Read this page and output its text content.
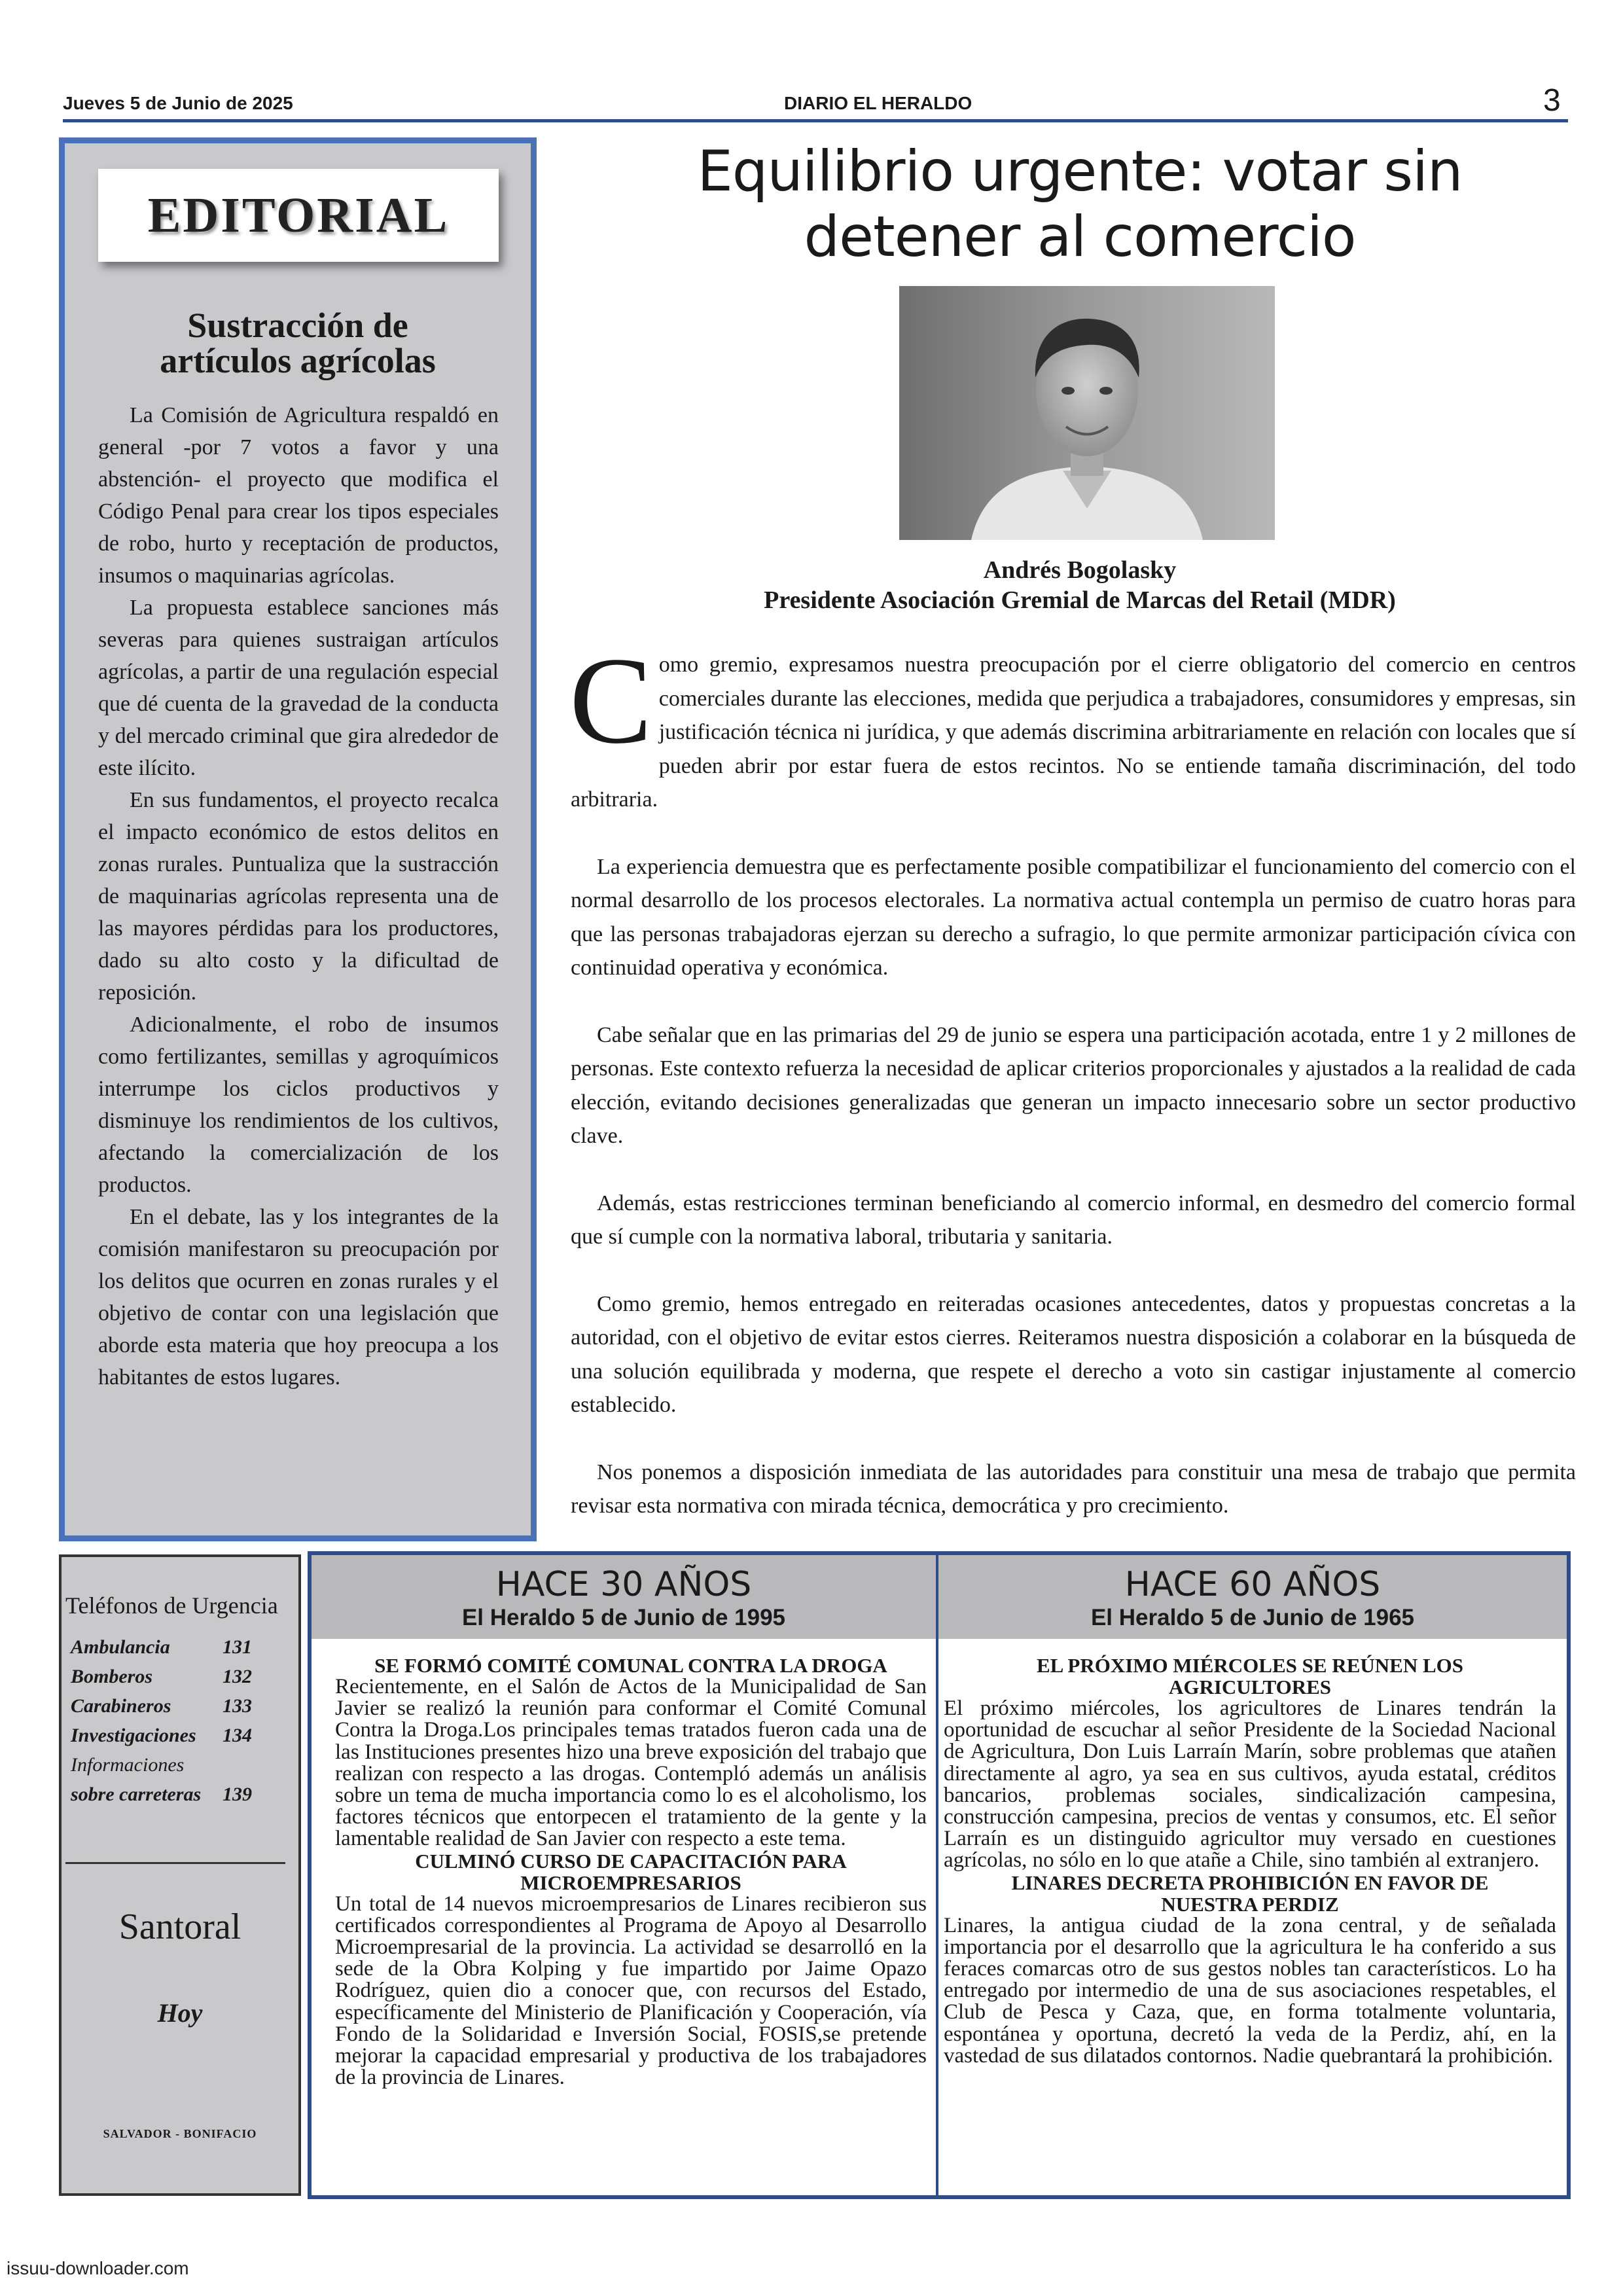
Jueves 5 de Junio de 2025	DIARIO EL HERALDO	3
EDITORIAL
Sustracción de
artículos agrícolas

La Comisión de Agricultura respaldó en general -por 7 votos a favor y una abstención- el proyecto que modifica el Código Penal para crear los tipos especiales de robo, hurto y receptación de productos, insumos o maquinarias agrícolas.

La propuesta establece sanciones más severas para quienes sustraigan artículos agrícolas, a partir de una regulación especial que dé cuenta de la gravedad de la conducta y del mercado criminal que gira alrededor de este ilícito.

En sus fundamentos, el proyecto recalca el impacto económico de estos delitos en zonas rurales. Puntualiza que la sustracción de maquinarias agrícolas representa una de las mayores pérdidas para los productores, dado su alto costo y la dificultad de reposición.

Adicionalmente, el robo de insumos como fertilizantes, semillas y agroquímicos interrumpe los ciclos productivos y disminuye los rendimientos de los cultivos, afectando la comercialización de los productos.

En el debate, las y los integrantes de la comisión manifestaron su preocupación por los delitos que ocurren en zonas rurales y el objetivo de contar con una legislación que aborde esta materia que hoy preocupa a los habitantes de estos lugares.

Equilibrio urgente: votar sin
detener al comercio
Andrés Bogolasky
Presidente Asociación Gremial de Marcas del Retail (MDR)

Como gremio, expresamos nuestra preocupación por el cierre obligatorio del comercio en centros comerciales durante las elecciones, medida que perjudica a trabajadores, consumidores y empresas, sin justificación técnica ni jurídica, y que además discrimina arbitrariamente en relación con locales que sí pueden abrir por estar fuera de estos recintos. No se entiende tamaña discriminación, del todo arbitraria.

La experiencia demuestra que es perfectamente posible compatibilizar el funcionamiento del comercio con el normal desarrollo de los procesos electorales. La normativa actual contempla un permiso de cuatro horas para que las personas trabajadoras ejerzan su derecho a sufragio, lo que permite armonizar participación cívica con continuidad operativa y económica.

Cabe señalar que en las primarias del 29 de junio se espera una participación acotada, entre 1 y 2 millones de personas. Este contexto refuerza la necesidad de aplicar criterios proporcionales y ajustados a la realidad de cada elección, evitando decisiones generalizadas que generan un impacto innecesario sobre un sector productivo clave.

Además, estas restricciones terminan beneficiando al comercio informal, en desmedro del comercio formal que sí cumple con la normativa laboral, tributaria y sanitaria.

Como gremio, hemos entregado en reiteradas ocasiones antecedentes, datos y propuestas concretas a la autoridad, con el objetivo de evitar estos cierres. Reiteramos nuestra disposición a colaborar en la búsqueda de una solución equilibrada y moderna, que respete el derecho a voto sin castigar injustamente al comercio establecido.

Nos ponemos a disposición inmediata de las autoridades para constituir una mesa de trabajo que permita revisar esta normativa con mirada técnica, democrática y pro crecimiento.

Teléfonos de Urgencia
Ambulancia	131
Bomberos	132
Carabineros	133
Investigaciones 134
Informaciones
sobre carreteras 139
Santoral
Hoy
SALVADOR - BONIFACIO
HACE 30 AÑOS
El Heraldo 5 de Junio de 1995
SE FORMÓ COMITÉ COMUNAL CONTRA LA DROGA

Recientemente, en el Salón de Actos de la Municipalidad de San Javier se realizó la reunión para conformar el Comité Comunal Contra la Droga.Los principales temas tratados fueron cada una de las Instituciones presentes hizo una breve exposición del trabajo que realizan con respecto a las drogas. Contempló además un análisis sobre un tema de mucha importancia como lo es el alcoholismo, los factores técnicos que entorpecen el tratamiento de la gente y la lamentable realidad de San Javier con respecto a este tema.

CULMINÓ CURSO DE CAPACITACIÓN PARA MICROEMPRESARIOS

Un total de 14 nuevos microempresarios de Linares recibieron sus certificados correspondientes al Programa de Apoyo al Desarrollo Microempresarial de la provincia. La actividad se desarrolló en la sede de la Obra Kolping y fue impartido por Jaime Opazo Rodríguez, quien dio a conocer que, con recursos del Estado, específicamente del Ministerio de Planificación y Cooperación, vía Fondo de la Solidaridad e Inversión Social, FOSIS,se pretende mejorar la capacidad empresarial y productiva de los trabajadores de la provincia de Linares.

HACE 60 AÑOS
El Heraldo 5 de Junio de 1965
EL PRÓXIMO MIÉRCOLES SE REÚNEN LOS AGRICULTORES

El próximo miércoles, los agricultores de Linares tendrán la oportunidad de escuchar al señor Presidente de la Sociedad Nacional de Agricultura, Don Luis Larraín Marín, sobre problemas que atañen directamente al agro, ya sea en sus cultivos, ayuda estatal, créditos bancarios, problemas sociales, sindicalización campesina, construcción campesina, precios de ventas y consumos, etc. El señor Larraín es un distinguido agricultor muy versado en cuestiones agrícolas, no sólo en lo que atañe a Chile, sino también al extranjero.

LINARES DECRETA PROHIBICIÓN EN FAVOR DE NUESTRA PERDIZ

Linares, la antigua ciudad de la zona central, y de señalada importancia por el desarrollo que la agricultura le ha conferido a sus feraces comarcas otro de sus gestos nobles tan característicos. Lo ha entregado por intermedio de una de sus asociaciones respetables, el Club de Pesca y Caza, que, en forma totalmente voluntaria, espontánea y oportuna, decretó la veda de la Perdiz, ahí, en la vastedad de sus dilatados contornos. Nadie quebrantará la prohibición.

issuu-downloader.com
